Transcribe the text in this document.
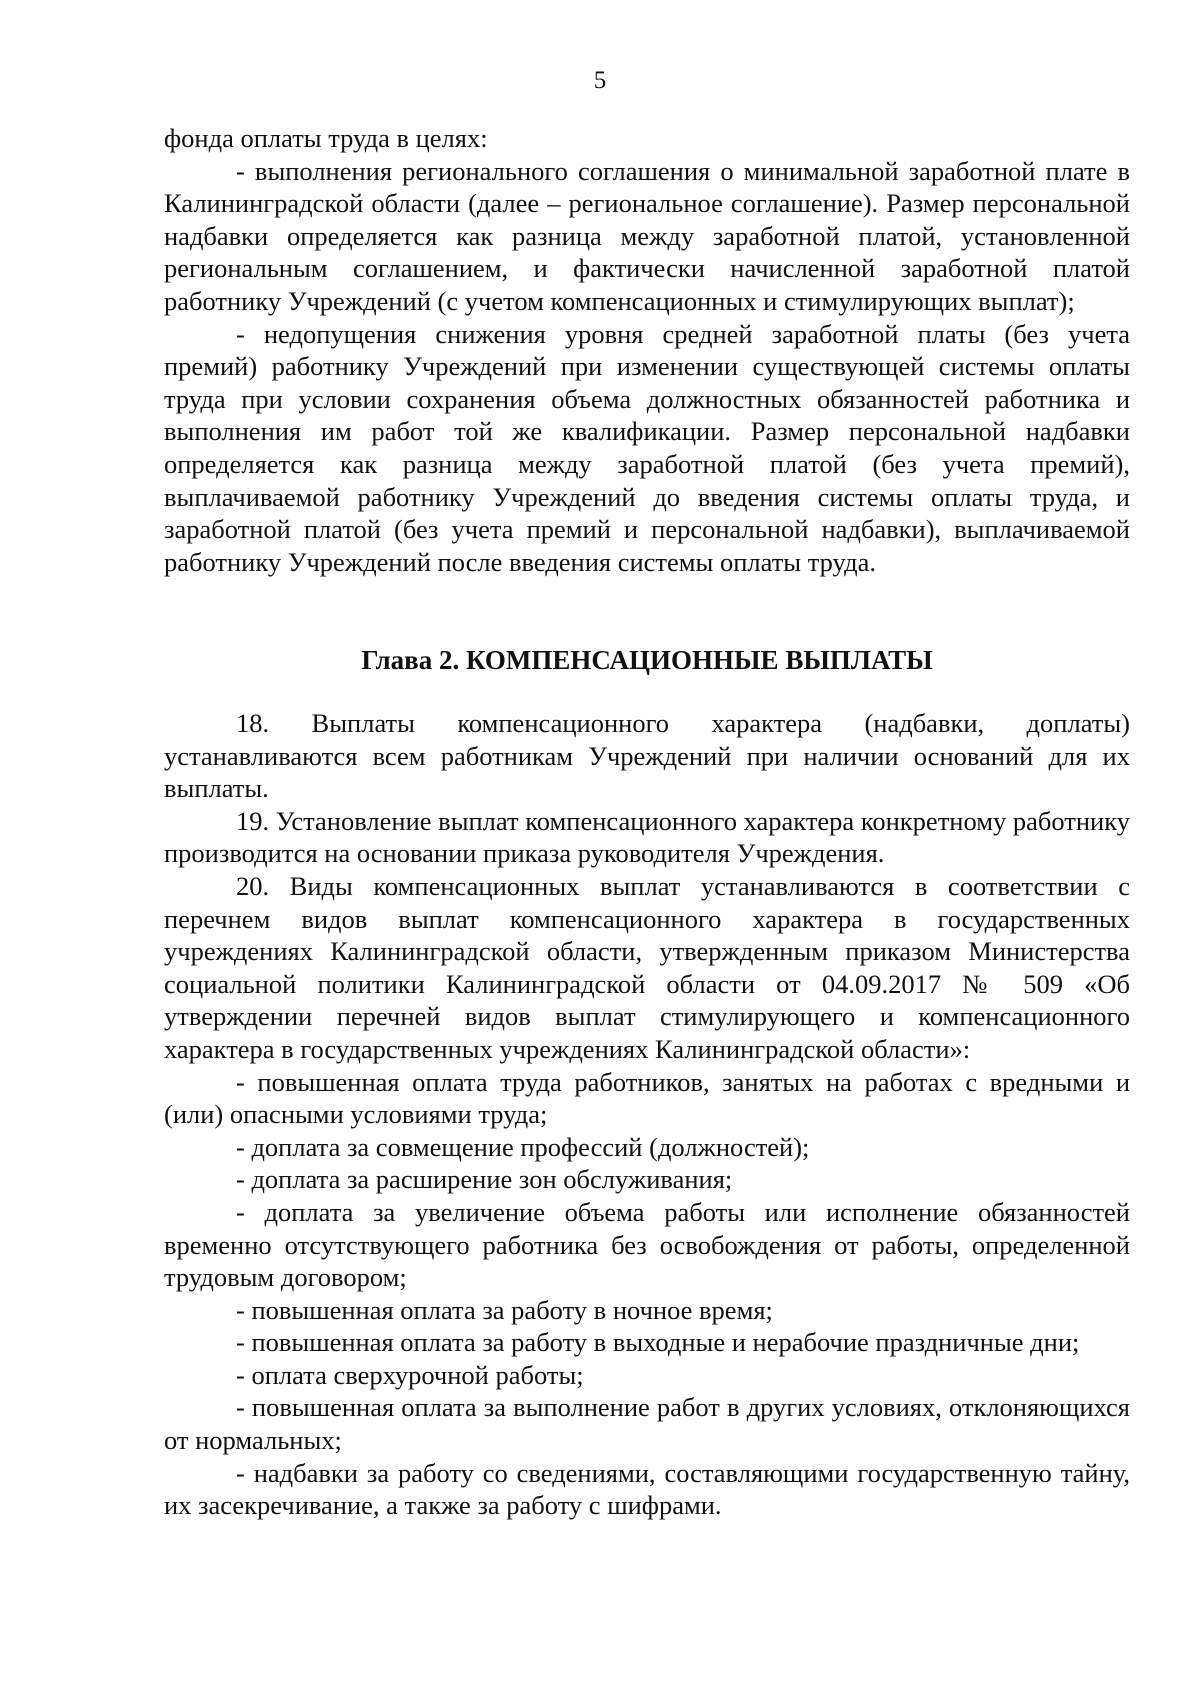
5

фонда оплаты труда в целях:

- выполнения регионального соглашения о минимальной заработной плате в Калининградской области (далее – региональное соглашение). Размер персональной надбавки определяется как разница между заработной платой, установленной региональным соглашением, и фактически начисленной заработной платой работнику Учреждений (с учетом компенсационных и стимулирующих выплат);

- недопущения снижения уровня средней заработной платы (без учета премий) работнику Учреждений при изменении существующей системы оплаты труда при условии сохранения объема должностных обязанностей работника и выполнения им работ той же квалификации. Размер персональной надбавки определяется как разница между заработной платой (без учета премий), выплачиваемой работнику Учреждений до введения системы оплаты труда, и заработной платой (без учета премий и персональной надбавки), выплачиваемой работнику Учреждений после введения системы оплаты труда.

Глава 2. КОМПЕНСАЦИОННЫЕ ВЫПЛАТЫ

18. Выплаты компенсационного характера (надбавки, доплаты) устанавливаются всем работникам Учреждений при наличии оснований для их выплаты.

19. Установление выплат компенсационного характера конкретному работнику производится на основании приказа руководителя Учреждения.

20. Виды компенсационных выплат устанавливаются в соответствии с перечнем видов выплат компенсационного характера в государственных учреждениях Калининградской области, утвержденным приказом Министерства социальной политики Калининградской области от 04.09.2017 № 509 «Об утверждении перечней видов выплат стимулирующего и компенсационного характера в государственных учреждениях Калининградской области»:

- повышенная оплата труда работников, занятых на работах с вредными и (или) опасными условиями труда;

- доплата за совмещение профессий (должностей);

- доплата за расширение зон обслуживания;

- доплата за увеличение объема работы или исполнение обязанностей временно отсутствующего работника без освобождения от работы, определенной трудовым договором;

- повышенная оплата за работу в ночное время;

- повышенная оплата за работу в выходные и нерабочие праздничные дни;

- оплата сверхурочной работы;

- повышенная оплата за выполнение работ в других условиях, отклоняющихся от нормальных;

- надбавки за работу со сведениями, составляющими государственную тайну, их засекречивание, а также за работу с шифрами.
